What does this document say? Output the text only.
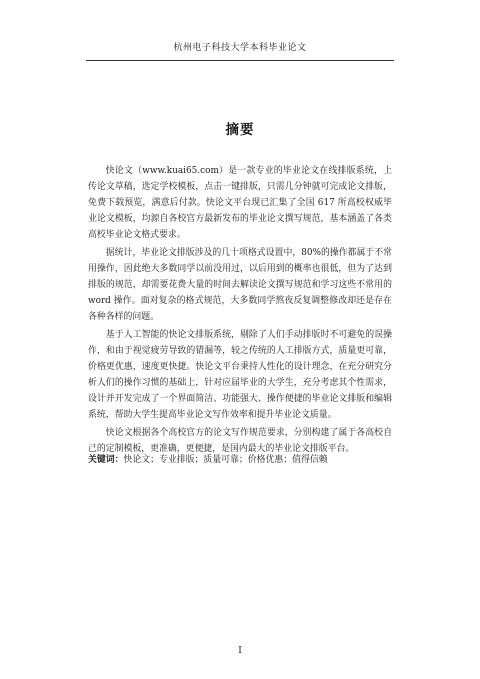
杭州电子科技大学本科毕业论文
摘要

快论文（www.kuai65.com）是一款专业的毕业论文在线排版系统，上传论文草稿，选定学校模板，点击一键排版，只需几分钟就可完成论文排版，免费下载预览，满意后付款。快论文平台现已汇集了全国 617 所高校权威毕业论文模板，均源自各校官方最新发布的毕业论文撰写规范，基本涵盖了各类高校毕业论文格式要求。

据统计，毕业论文排版涉及的几十项格式设置中，80%的操作都属于不常用操作，因此绝大多数同学以前没用过，以后用到的概率也很低，但为了达到排版的规范，却需要花费大量的时间去解读论文撰写规范和学习这些不常用的 word 操作。面对复杂的格式规范，大多数同学熬夜反复调整修改却还是存在各种各样的问题。

基于人工智能的快论文排版系统，剔除了人们手动排版时不可避免的误操作，和由于视觉疲劳导致的错漏等，较之传统的人工排版方式，质量更可靠，价格更优惠，速度更快捷。快论文平台秉持人性化的设计理念，在充分研究分析人们的操作习惯的基础上，针对应届毕业的大学生，充分考虑其个性需求，设计并开发完成了一个界面简洁、功能强大、操作便捷的毕业论文排版和编辑系统，帮助大学生提高毕业论文写作效率和提升毕业论文质量。

快论文根据各个高校官方的论文写作规范要求，分别构建了属于各高校自己的定制模板，更准确，更便捷，是国内最大的毕业论文排版平台。

关键词：快论文；专业排版；质量可靠；价格优惠；值得信赖
I
